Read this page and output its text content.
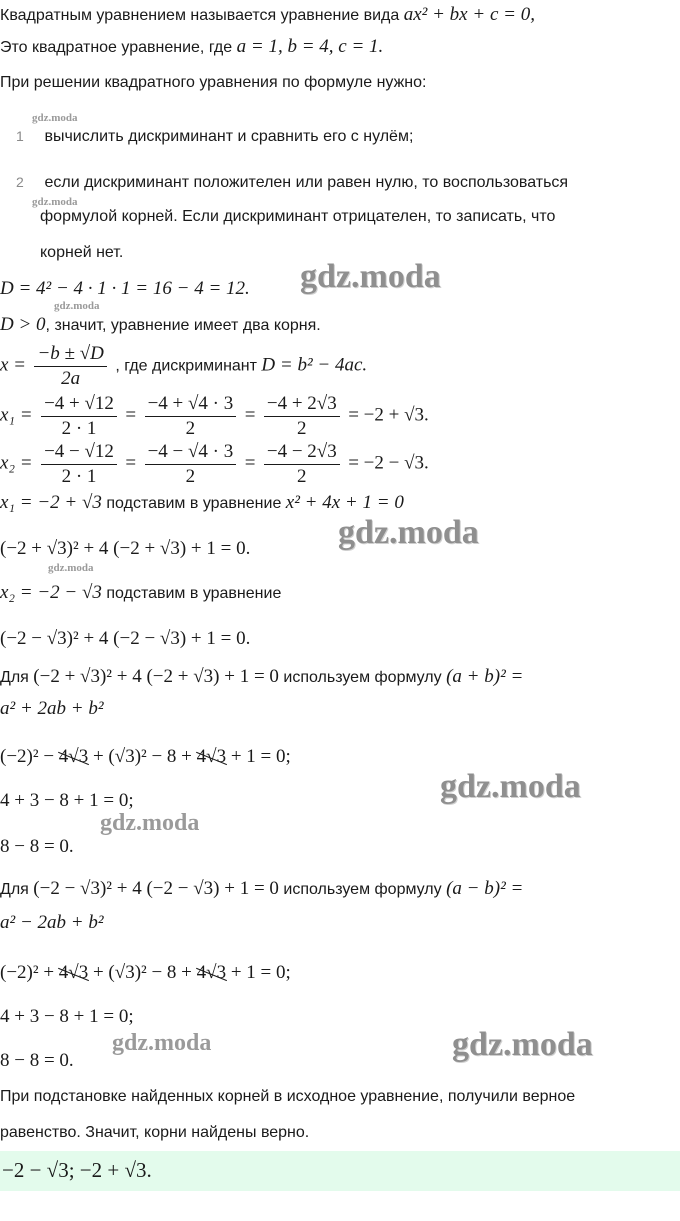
Квадратным уравнением называется уравнение вида ax² + bx + c = 0,
Это квадратное уравнение, где a = 1, b = 4, c = 1.
При решении квадратного уравнения по формуле нужно:
1 вычислить дискриминант и сравнить его с нулём;
2 если дискриминант положителен или равен нулю, то воспользоваться
формулой корней. Если дискриминант отрицателен, то записать, что
корней нет.
D = 4² − 4 · 1 · 1 = 16 − 4 = 12.
D > 0, значит, уравнение имеет два корня.
$x = \frac{-b \pm √D}{2a}$ , где дискриминант D = b² − 4ac.
$x_1 = \frac{-4 + √12}{2 \cdot 1} = \frac{-4 + √4 \cdot 3}{2} = \frac{-4 + 2√3}{2} = -2 + √3$.
$x_2 = \frac{-4 - √12}{2 \cdot 1} = \frac{-4 - √4 \cdot 3}{2} = \frac{-4 - 2√3}{2} = -2 - √3$.
x₁ = −2 + √3 подставим в уравнение x² + 4x + 1 = 0
(−2 + √3)² + 4 (−2 + √3) + 1 = 0.
x₂ = −2 − √3 подставим в уравнение
(−2 − √3)² + 4 (−2 − √3) + 1 = 0.
Для (−2 + √3)² + 4 (−2 + √3) + 1 = 0 используем формулу (a + b)² =
a² + 2ab + b²
(−2)² − 4√3 + (√3)² − 8 + 4√3 + 1 = 0;
4 + 3 − 8 + 1 = 0;
8 − 8 = 0.
Для (−2 − √3)² + 4 (−2 − √3) + 1 = 0 используем формулу (a − b)² =
a² − 2ab + b²
(−2)² + 4√3 + (√3)² − 8 + 4√3 + 1 = 0;
4 + 3 − 8 + 1 = 0;
8 − 8 = 0.
При подстановке найденных корней в исходное уравнение, получили верное
равенство. Значит, корни найдены верно.
−2 − √3; −2 + √3.
gdz.moda
gdz.moda
gdz.moda
gdz.moda
gdz.moda
gdz.moda
gdz.moda
gdz.moda
gdz.moda	gdz.moda
